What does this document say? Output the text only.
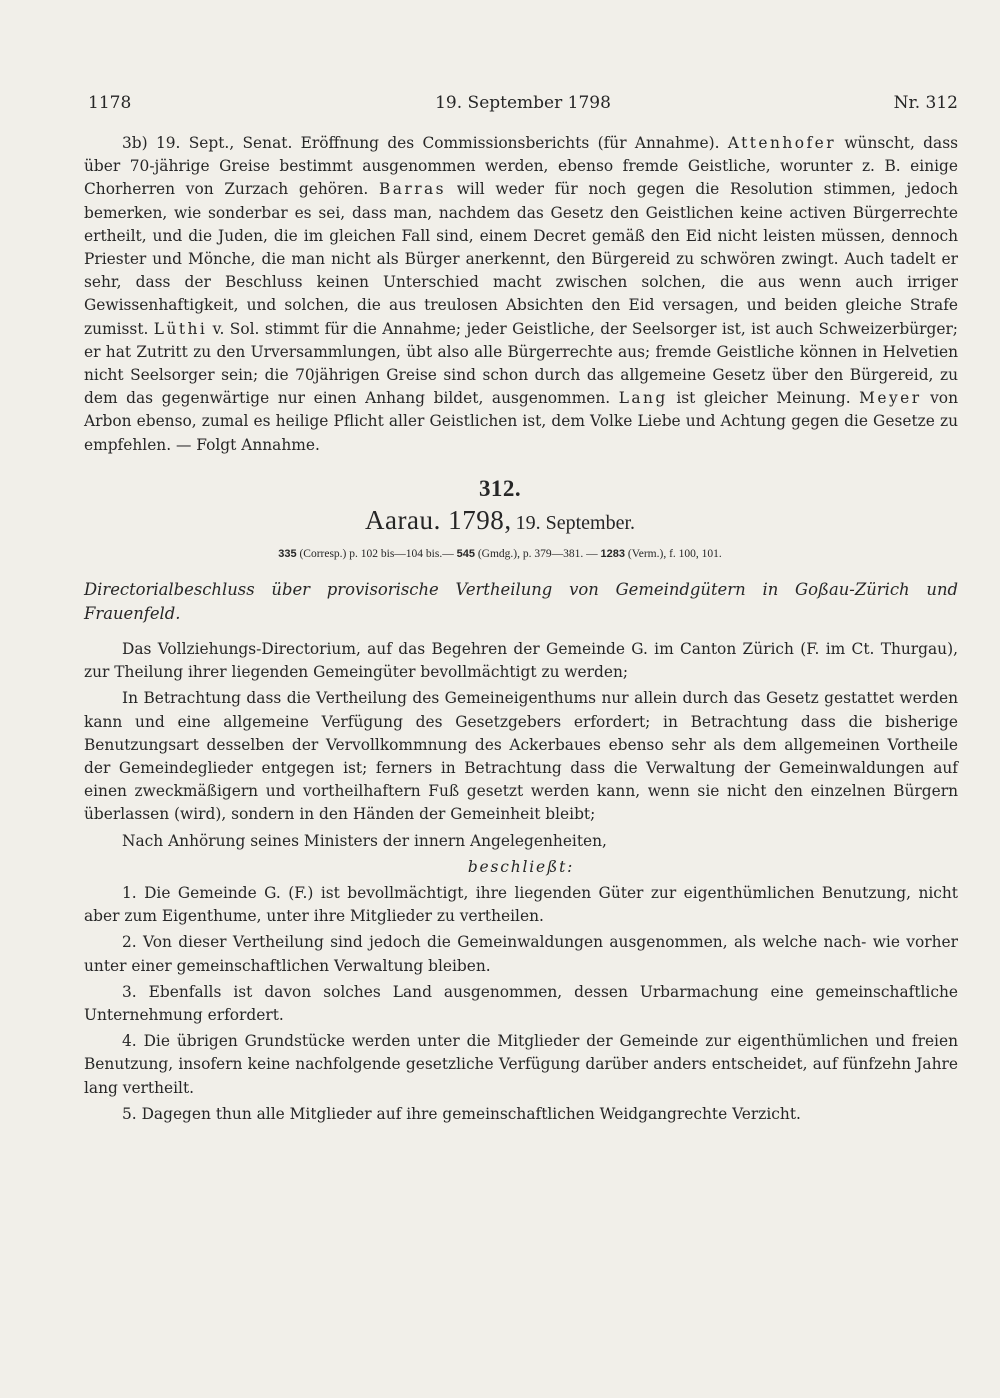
1178	19. September 1798	Nr. 312

3b) 19. Sept., Senat. Eröffnung des Commissionsberichts (für Annahme). Attenhofer wünscht, dass über 70-jährige Greise bestimmt ausgenommen werden, ebenso fremde Geistliche, worunter z. B. einige Chorherren von Zurzach gehören. Barras will weder für noch gegen die Resolution stimmen, jedoch bemerken, wie sonderbar es sei, dass man, nachdem das Gesetz den Geistlichen keine activen Bürgerrechte ertheilt, und die Juden, die im gleichen Fall sind, einem Decret gemäß den Eid nicht leisten müssen, dennoch Priester und Mönche, die man nicht als Bürger anerkennt, den Bürgereid zu schwören zwingt. Auch tadelt er sehr, dass der Beschluss keinen Unterschied macht zwischen solchen, die aus wenn auch irriger Gewissenhaftigkeit, und solchen, die aus treulosen Absichten den Eid versagen, und beiden gleiche Strafe zumisst. Lüthi v. Sol. stimmt für die Annahme; jeder Geistliche, der Seelsorger ist, ist auch Schweizerbürger; er hat Zutritt zu den Urversammlungen, übt also alle Bürgerrechte aus; fremde Geistliche können in Helvetien nicht Seelsorger sein; die 70jährigen Greise sind schon durch das allgemeine Gesetz über den Bürgereid, zu dem das gegenwärtige nur einen Anhang bildet, ausgenommen. Lang ist gleicher Meinung. Meyer von Arbon ebenso, zumal es heilige Pflicht aller Geistlichen ist, dem Volke Liebe und Achtung gegen die Gesetze zu empfehlen. — Folgt Annahme.

312.
Aarau. 1798, 19. September.
335 (Corresp.) p. 102 bis—104 bis.— 545 (Gmdg.), p. 379—381. — 1283 (Verm.), f. 100, 101.
Directorialbeschluss über provisorische Vertheilung von Gemeindgütern in Goßau-Zürich und Frauenfeld.

Das Vollziehungs-Directorium, auf das Begehren der Gemeinde G. im Canton Zürich (F. im Ct. Thurgau), zur Theilung ihrer liegenden Gemeingüter bevollmächtigt zu werden;

In Betrachtung dass die Vertheilung des Gemeineigenthums nur allein durch das Gesetz gestattet werden kann und eine allgemeine Verfügung des Gesetzgebers erfordert; in Betrachtung dass die bisherige Benutzungsart desselben der Vervollkommnung des Ackerbaues ebenso sehr als dem allgemeinen Vortheile der Gemeindeglieder entgegen ist; ferners in Betrachtung dass die Verwaltung der Gemeinwaldungen auf einen zweckmäßigern und vortheilhaftern Fuß gesetzt werden kann, wenn sie nicht den einzelnen Bürgern überlassen (wird), sondern in den Händen der Gemeinheit bleibt;

Nach Anhörung seines Ministers der innern Angelegenheiten,

beschließt:

1. Die Gemeinde G. (F.) ist bevollmächtigt, ihre liegenden Güter zur eigenthümlichen Benutzung, nicht aber zum Eigenthume, unter ihre Mitglieder zu vertheilen.

2. Von dieser Vertheilung sind jedoch die Gemeinwaldungen ausgenommen, als welche nach- wie vorher unter einer gemeinschaftlichen Verwaltung bleiben.

3. Ebenfalls ist davon solches Land ausgenommen, dessen Urbarmachung eine gemeinschaftliche Unternehmung erfordert.

4. Die übrigen Grundstücke werden unter die Mitglieder der Gemeinde zur eigenthümlichen und freien Benutzung, insofern keine nachfolgende gesetzliche Verfügung darüber anders entscheidet, auf fünfzehn Jahre lang vertheilt.

5. Dagegen thun alle Mitglieder auf ihre gemeinschaftlichen Weidgangrechte Verzicht.
